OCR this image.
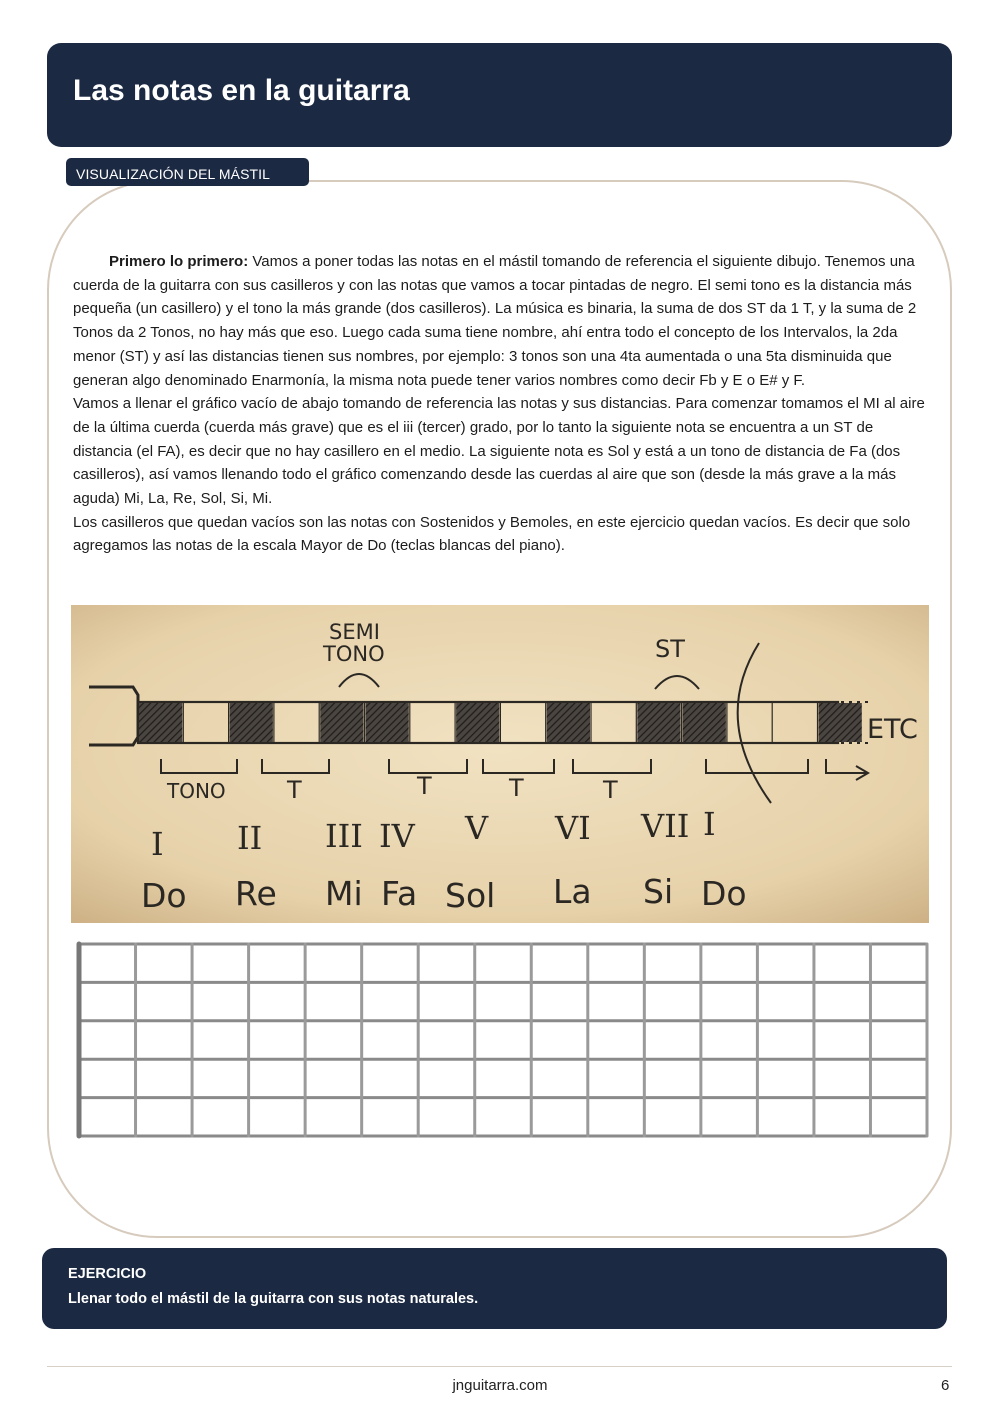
Las notas en la guitarra
VISUALIZACIÓN DEL MÁSTIL

Primero lo primero: Vamos a poner todas las notas en el mástil tomando de referencia el siguiente dibujo. Tenemos una cuerda de la guitarra con sus casilleros y con las notas que vamos a tocar pintadas de negro. El semi tono es la distancia más pequeña (un casillero) y el tono la más grande (dos casilleros). La música es binaria, la suma de dos ST da 1 T, y la suma de 2 Tonos da 2 Tonos, no hay más que eso. Luego cada suma tiene nombre, ahí entra todo el concepto de los Intervalos, la 2da menor (ST) y así las distancias tienen sus nombres, por ejemplo: 3 tonos son una 4ta aumentada o una 5ta disminuida que generan algo denominado Enarmonía, la misma nota puede tener varios nombres como decir Fb y E o E# y F.

Vamos a llenar el gráfico vacío de abajo tomando de referencia las notas y sus distancias. Para comenzar tomamos el MI al aire de la última cuerda (cuerda más grave) que es el iii (tercer) grado, por lo tanto la siguiente nota se encuentra a un ST de distancia (el FA), es decir que no hay casillero en el medio. La siguiente nota es Sol y está a un tono de distancia de Fa (dos casilleros), así vamos llenando todo el gráfico comenzando desde las cuerdas al aire que son (desde la más grave a la más aguda) Mi, La, Re, Sol, Si, Mi.

Los casilleros que quedan vacíos son las notas con Sostenidos y Bemoles, en este ejercicio quedan vacíos. Es decir que solo agregamos las notas de la escala Mayor de Do (teclas blancas del piano).

ETC
SEMI
TONO	ST
TONO	T	T	T	T
I II III IV V VI VII I
Do Re Mi Fa Sol La Si Do
EJERCICIO
Llenar todo el mástil de la guitarra con sus notas naturales.
jnguitarra.com	6
